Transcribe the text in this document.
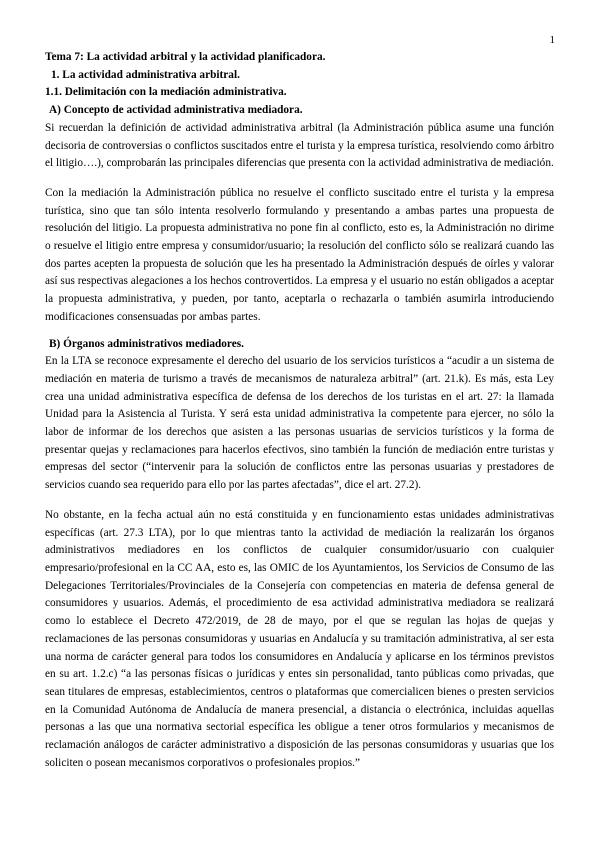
1

Tema 7: La actividad arbitral y la actividad planificadora.

1. La actividad administrativa arbitral.

1.1. Delimitación con la mediación administrativa.

A) Concepto de actividad administrativa mediadora.

Si recuerdan la definición de actividad administrativa arbitral (la Administración pública asume una función decisoria de controversias o conflictos suscitados entre el turista y la empresa turística, resolviendo como árbitro el litigio….), comprobarán las principales diferencias que presenta con la actividad administrativa de mediación.

Con la mediación la Administración pública no resuelve el conflicto suscitado entre el turista y la empresa turística, sino que tan sólo intenta resolverlo formulando y presentando a ambas partes una propuesta de resolución del litigio. La propuesta administrativa no pone fin al conflicto, esto es, la Administración no dirime o resuelve el litigio entre empresa y consumidor/usuario; la resolución del conflicto sólo se realizará cuando las dos partes acepten la propuesta de solución que les ha presentado la Administración después de oírles y valorar así sus respectivas alegaciones a los hechos controvertidos. La empresa y el usuario no están obligados a aceptar la propuesta administrativa, y pueden, por tanto, aceptarla o rechazarla o también asumirla introduciendo modificaciones consensuadas por ambas partes.

B) Órganos administrativos mediadores.

En la LTA se reconoce expresamente el derecho del usuario de los servicios turísticos a “acudir a un sistema de mediación en materia de turismo a través de mecanismos de naturaleza arbitral” (art. 21.k). Es más, esta Ley crea una unidad administrativa específica de defensa de los derechos de los turistas en el art. 27: la llamada Unidad para la Asistencia al Turista. Y será esta unidad administrativa la competente para ejercer, no sólo la labor de informar de los derechos que asisten a las personas usuarias de servicios turísticos y la forma de presentar quejas y reclamaciones para hacerlos efectivos, sino también la función de mediación entre turistas y empresas del sector (“intervenir para la solución de conflictos entre las personas usuarias y prestadores de servicios cuando sea requerido para ello por las partes afectadas”, dice el art. 27.2).

No obstante, en la fecha actual aún no está constituida y en funcionamiento estas unidades administrativas específicas (art. 27.3 LTA), por lo que mientras tanto la actividad de mediación la realizarán los órganos administrativos mediadores en los conflictos de cualquier consumidor/usuario con cualquier empresario/profesional en la CC AA, esto es, las OMIC de los Ayuntamientos, los Servicios de Consumo de las Delegaciones Territoriales/Provinciales de la Consejería con competencias en materia de defensa general de consumidores y usuarios. Además, el procedimiento de esa actividad administrativa mediadora se realizará como lo establece el Decreto 472/2019, de 28 de mayo, por el que se regulan las hojas de quejas y reclamaciones de las personas consumidoras y usuarias en Andalucía y su tramitación administrativa, al ser esta una norma de carácter general para todos los consumidores en Andalucía y aplicarse en los términos previstos en su art. 1.2.c) “a las personas físicas o jurídicas y entes sin personalidad, tanto públicas como privadas, que sean titulares de empresas, establecimientos, centros o plataformas que comercialicen bienes o presten servicios en la Comunidad Autónoma de Andalucía de manera presencial, a distancia o electrónica, incluidas aquellas personas a las que una normativa sectorial específica les obligue a tener otros formularios y mecanismos de reclamación análogos de carácter administrativo a disposición de las personas consumidoras y usuarias que los soliciten o posean mecanismos corporativos o profesionales propios.”
